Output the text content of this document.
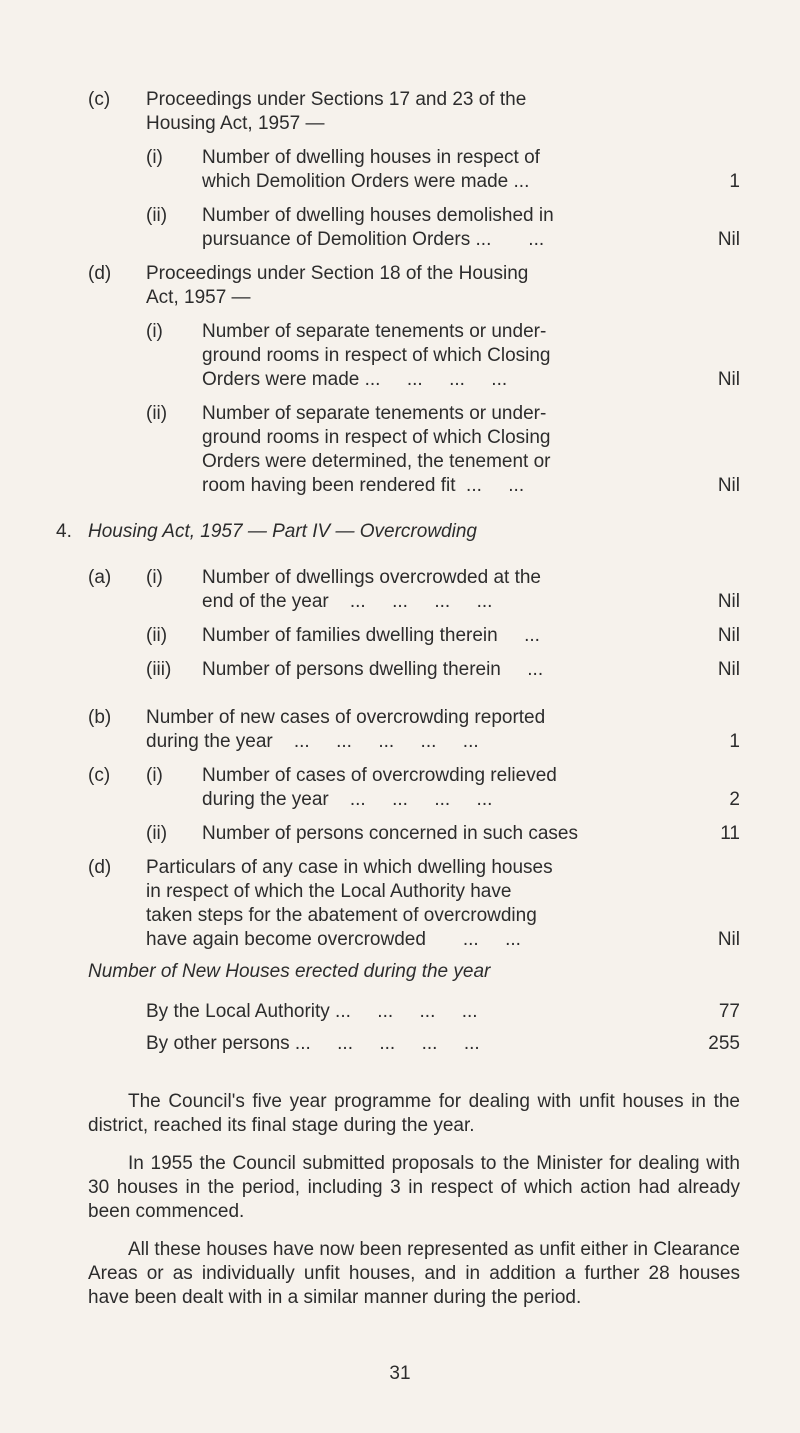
(c) Proceedings under Sections 17 and 23 of the
Housing Act, 1957 —
(i) Number of dwelling houses in respect of
which Demolition Orders were made ...	1
(ii) Number of dwelling houses demolished in
pursuance of Demolition Orders ...       ...	Nil
(d) Proceedings under Section 18 of the Housing
Act, 1957 —
(i) Number of separate tenements or under-
ground rooms in respect of which Closing
Orders were made ...     ...     ...     ...	Nil
(ii) Number of separate tenements or under-
ground rooms in respect of which Closing
Orders were determined, the tenement or
room having been rendered fit  ...     ...	Nil
4. Housing Act, 1957 — Part IV — Overcrowding
(a) (i) Number of dwellings overcrowded at the
end of the year    ...     ...     ...     ...	Nil
(ii) Number of families dwelling therein     ...	Nil
(iii) Number of persons dwelling therein     ...	Nil
(b) Number of new cases of overcrowding reported
during the year    ...     ...     ...     ...     ...	1
(c) (i) Number of cases of overcrowding relieved
during the year    ...     ...     ...     ...	2
(ii) Number of persons concerned in such cases	11
(d) Particulars of any case in which dwelling houses
in respect of which the Local Authority have
taken steps for the abatement of overcrowding
have again become overcrowded       ...     ...	Nil
Number of New Houses erected during the year
By the Local Authority ...     ...     ...     ...	77
By other persons ...     ...     ...     ...     ...	255
The Council's five year programme for dealing with unfit houses in the district, reached its final stage during the year.
In 1955 the Council submitted proposals to the Minister for dealing with 30 houses in the period, including 3 in respect of which action had already been commenced.
All these houses have now been represented as unfit either in Clearance Areas or as individually unfit houses, and in addition a further 28 houses have been dealt with in a similar manner during the period.
31
